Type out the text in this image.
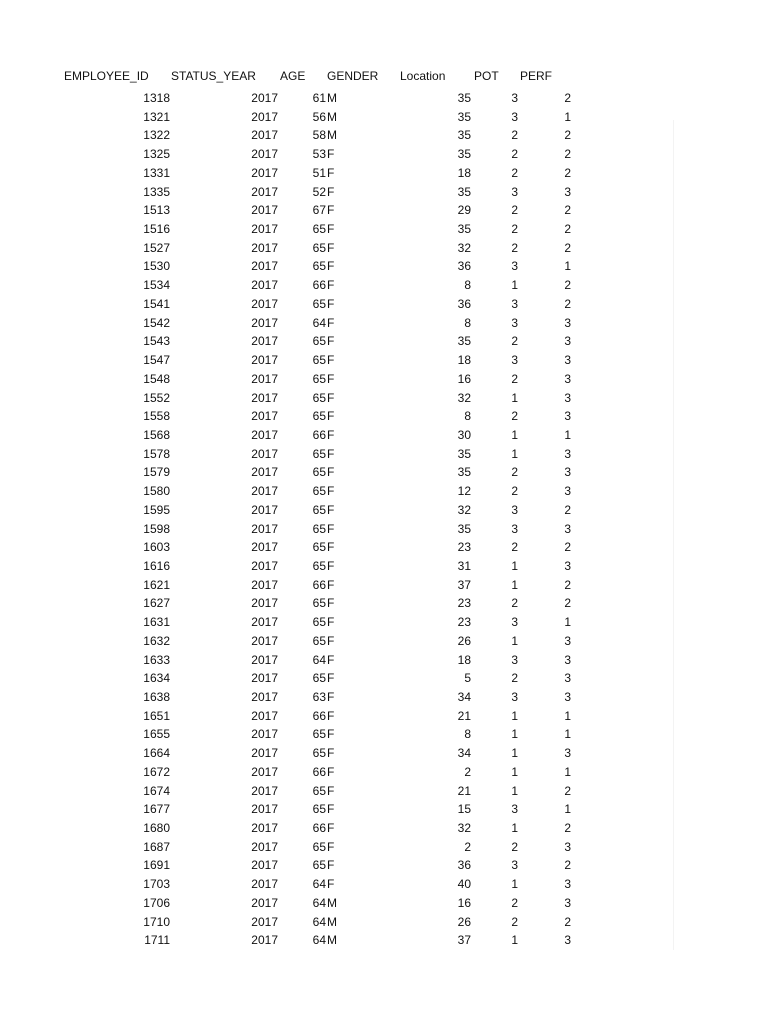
EMPLOYEE_ID STATUS_YEAR AGE GENDER Location POT PERF
1318	2017	61 M	35	3	2
1321	2017	56 M	35	3	1
1322	2017	58 M	35	2	2
1325	2017	53 F	35	2	2
1331	2017	51 F	18	2	2
1335	2017	52 F	35	3	3
1513	2017	67 F	29	2	2
1516	2017	65 F	35	2	2
1527	2017	65 F	32	2	2
1530	2017	65 F	36	3	1
1534	2017	66 F	8	1	2
1541	2017	65 F	36	3	2
1542	2017	64 F	8	3	3
1543	2017	65 F	35	2	3
1547	2017	65 F	18	3	3
1548	2017	65 F	16	2	3
1552	2017	65 F	32	1	3
1558	2017	65 F	8	2	3
1568	2017	66 F	30	1	1
1578	2017	65 F	35	1	3
1579	2017	65 F	35	2	3
1580	2017	65 F	12	2	3
1595	2017	65 F	32	3	2
1598	2017	65 F	35	3	3
1603	2017	65 F	23	2	2
1616	2017	65 F	31	1	3
1621	2017	66 F	37	1	2
1627	2017	65 F	23	2	2
1631	2017	65 F	23	3	1
1632	2017	65 F	26	1	3
1633	2017	64 F	18	3	3
1634	2017	65 F	5	2	3
1638	2017	63 F	34	3	3
1651	2017	66 F	21	1	1
1655	2017	65 F	8	1	1
1664	2017	65 F	34	1	3
1672	2017	66 F	2	1	1
1674	2017	65 F	21	1	2
1677	2017	65 F	15	3	1
1680	2017	66 F	32	1	2
1687	2017	65 F	2	2	3
1691	2017	65 F	36	3	2
1703	2017	64 F	40	1	3
1706	2017	64 M	16	2	3
1710	2017	64 M	26	2	2
1711	2017	64 M	37	1	3
